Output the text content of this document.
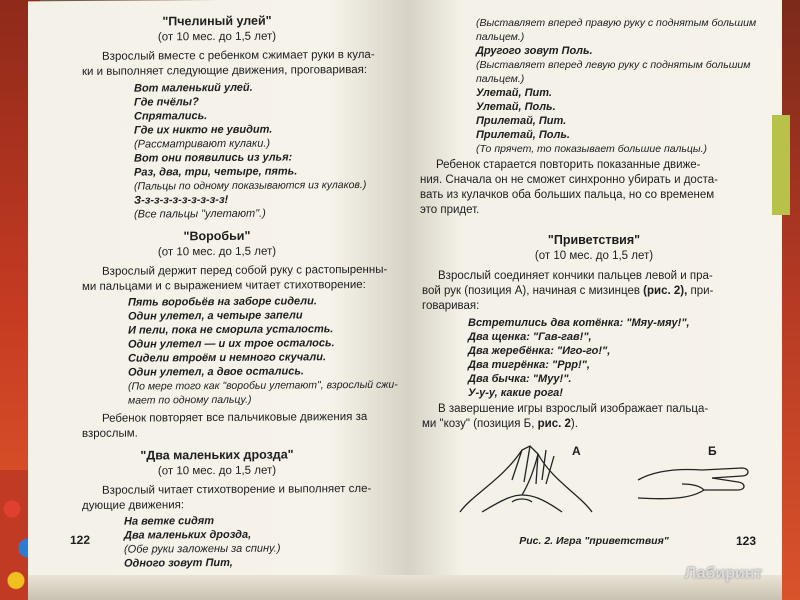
"Пчелиный улей"
(от 10 мес. до 1,5 лет)
Взрослый вместе с ребенком сжимает руки в кула-
ки и выполняет следующие движения, проговаривая:
Вот маленький улей.
Где пчёлы?
Спрятались.
Где их никто не увидит.
(Рассматривают кулаки.)
Вот они появились из улья:
Раз, два, три, четыре, пять.
(Пальцы по одному показываются из кулаков.)
З-з-з-з-з-з-з-з-з-з!
(Все пальцы "улетают".)
"Воробьи"
(от 10 мес. до 1,5 лет)
Взрослый держит перед собой руку с растопыренны-
ми пальцами и с выражением читает стихотворение:
Пять воробьёв на заборе сидели.
Один улетел, а четыре запели
И пели, пока не сморила усталость.
Один улетел — и их трое осталось.
Сидели втроём и немного скучали.
Один улетел, а двое остались.
(По мере того как "воробьи улетают", взрослый сжи-
мает по одному пальцу.)
Ребенок повторяет все пальчиковые движения за
взрослым.
"Два маленьких дрозда"
(от 10 мес. до 1,5 лет)
Взрослый читает стихотворение и выполняет сле-
дующие движения:
На ветке сидят
Два маленьких дрозда,
(Обе руки заложены за спину.)
Одного зовут Пит,
122
(Выставляет вперед правую руку с поднятым большим
пальцем.)
Другого зовут Поль.
(Выставляет вперед левую руку с поднятым большим
пальцем.)
Улетай, Пит.
Улетай, Поль.
Прилетай, Пит.
Прилетай, Поль.
(То прячет, то показывает большие пальцы.)
Ребенок старается повторить показанные движе-
ния. Сначала он не сможет синхронно убирать и доста-
вать из кулачков оба больших пальца, но со временем
это придет.
"Приветствия"
(от 10 мес. до 1,5 лет)
Взрослый соединяет кончики пальцев левой и пра-
вой рук (позиция А), начиная с мизинцев (рис. 2), при-
говаривая:
Встретились два котёнка: "Мяу-мяу!",
Два щенка: "Гав-гав!",
Два жеребёнка: "Иго-го!",
Два тигрёнка: "Ррр!",
Два бычка: "Муу!".
У-у-у, какие рога!
В завершение игры взрослый изображает пальца-
ми "козу" (позиция Б, рис. 2).
А	Б
Рис. 2. Игра "приветствия"	123
Лабиринт
